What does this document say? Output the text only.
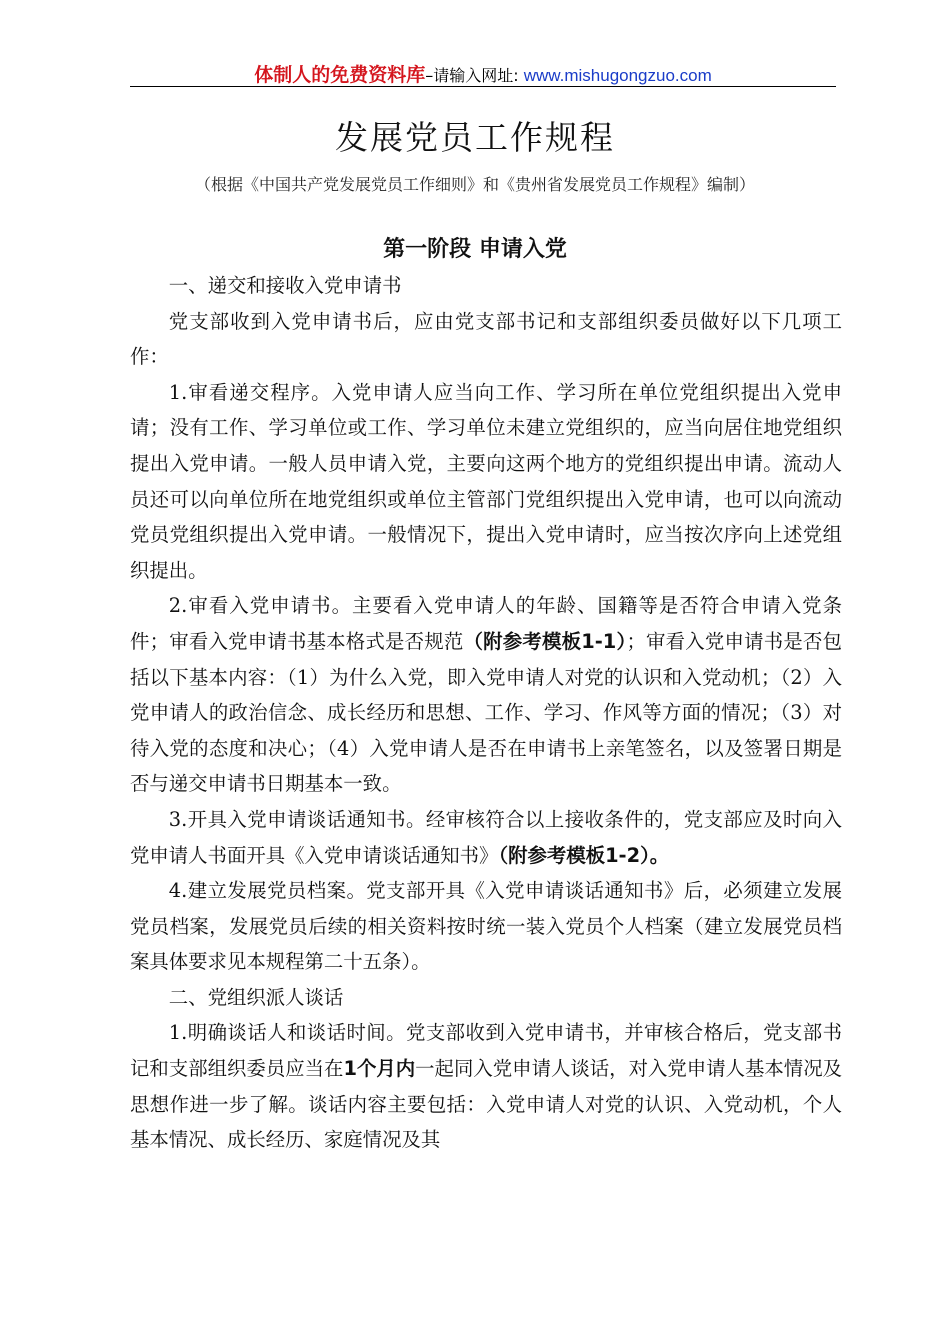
体制人的免费资料库–请输入网址: www.mishugongzuo.com
发展党员工作规程
（根据《中国共产党发展党员工作细则》和《贵州省发展党员工作规程》编制）
第一阶段 申请入党

一、递交和接收入党申请书

党支部收到入党申请书后，应由党支部书记和支部组织委员做好以下几项工作：

1.审看递交程序。入党申请人应当向工作、学习所在单位党组织提出入党申请；没有工作、学习单位或工作、学习单位未建立党组织的，应当向居住地党组织提出入党申请。一般人员申请入党，主要向这两个地方的党组织提出申请。流动人员还可以向单位所在地党组织或单位主管部门党组织提出入党申请，也可以向流动党员党组织提出入党申请。一般情况下，提出入党申请时，应当按次序向上述党组织提出。

2.审看入党申请书。主要看入党申请人的年龄、国籍等是否符合申请入党条件；审看入党申请书基本格式是否规范（附参考模板1-1）；审看入党申请书是否包括以下基本内容：（1）为什么入党，即入党申请人对党的认识和入党动机；（2）入党申请人的政治信念、成长经历和思想、工作、学习、作风等方面的情况；（3）对待入党的态度和决心；（4）入党申请人是否在申请书上亲笔签名，以及签署日期是否与递交申请书日期基本一致。

3.开具入党申请谈话通知书。经审核符合以上接收条件的，党支部应及时向入党申请人书面开具《入党申请谈话通知书》（附参考模板1-2）。

4.建立发展党员档案。党支部开具《入党申请谈话通知书》后，必须建立发展党员档案，发展党员后续的相关资料按时统一装入党员个人档案（建立发展党员档案具体要求见本规程第二十五条）。

二、党组织派人谈话

1.明确谈话人和谈话时间。党支部收到入党申请书，并审核合格后，党支部书记和支部组织委员应当在1个月内一起同入党申请人谈话，对入党申请人基本情况及思想作进一步了解。谈话内容主要包括：入党申请人对党的认识、入党动机，个人基本情况、成长经历、家庭情况及其
